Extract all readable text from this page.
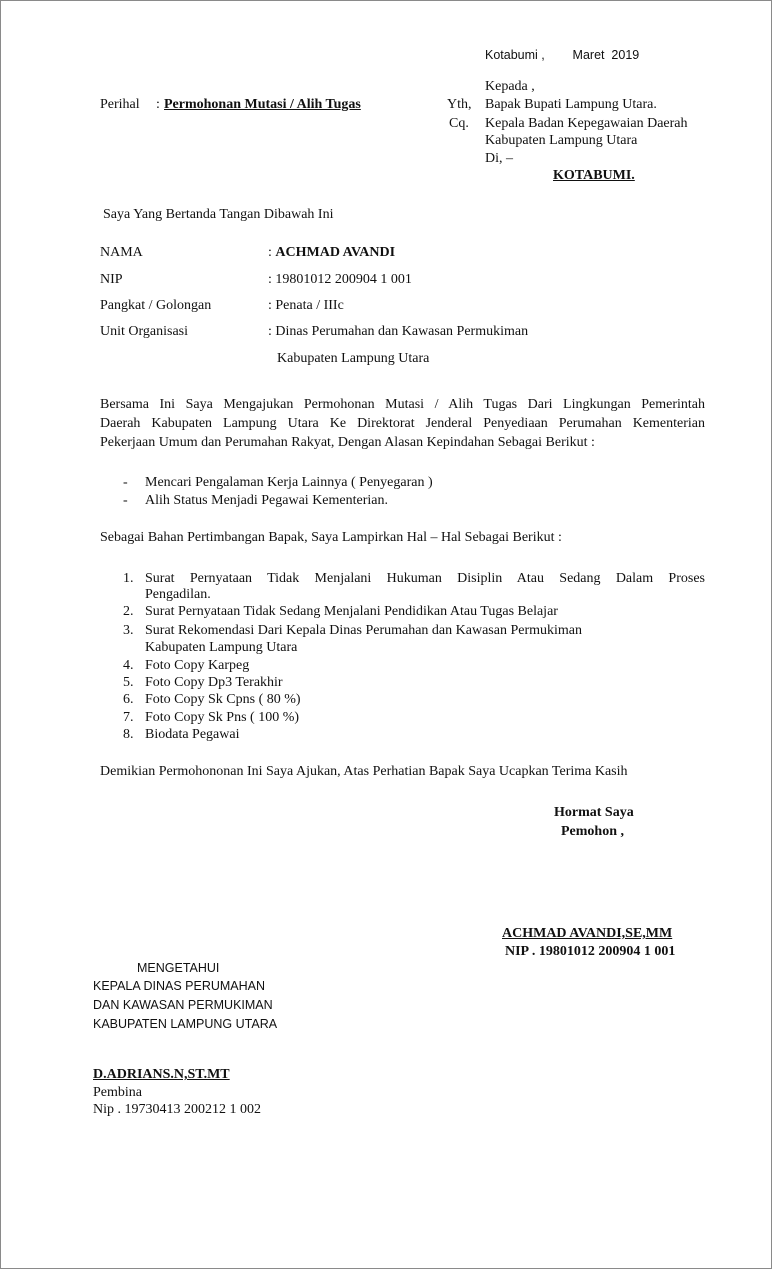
Kotabumi ,        Maret  2019
Perihal : Permohonan Mutasi / Alih Tugas
Kepada ,
Yth, Bapak Bupati Lampung Utara.
Cq. Kepala Badan Kepegawaian Daerah
Kabupaten Lampung Utara
Di, –
KOTABUMI.
Saya Yang Bertanda Tangan Dibawah Ini
NAMA	: ACHMAD AVANDI
NIP	: 19801012 200904 1 001
Pangkat / Golongan	: Penata / IIIc
Unit Organisasi	: Dinas Perumahan dan Kawasan Permukiman
Kabupaten Lampung Utara
Bersama Ini Saya Mengajukan Permohonan Mutasi / Alih Tugas Dari Lingkungan Pemerintah
Daerah Kabupaten Lampung Utara Ke Direktorat Jenderal Penyediaan Perumahan Kementerian
Pekerjaan Umum dan Perumahan Rakyat, Dengan Alasan Kepindahan Sebagai Berikut :
- Mencari Pengalaman Kerja Lainnya ( Penyegaran )
- Alih Status Menjadi Pegawai Kementerian.
Sebagai Bahan Pertimbangan Bapak, Saya Lampirkan Hal – Hal Sebagai Berikut :
1. Surat Pernyataan Tidak Menjalani Hukuman Disiplin Atau Sedang Dalam Proses
Pengadilan.
2. Surat Pernyataan Tidak Sedang Menjalani Pendidikan Atau Tugas Belajar
3. Surat Rekomendasi Dari Kepala Dinas Perumahan dan Kawasan Permukiman
Kabupaten Lampung Utara
4. Foto Copy Karpeg
5. Foto Copy Dp3 Terakhir
6. Foto Copy Sk Cpns ( 80 %)
7. Foto Copy Sk Pns ( 100 %)
8. Biodata Pegawai
Demikian Permohononan Ini Saya Ajukan, Atas Perhatian Bapak Saya Ucapkan Terima Kasih
Hormat Saya
Pemohon ,
ACHMAD AVANDI,SE,MM
NIP . 19801012 200904 1 001
MENGETAHUI
KEPALA DINAS PERUMAHAN
DAN KAWASAN PERMUKIMAN
KABUPATEN LAMPUNG UTARA
D.ADRIANS.N,ST.MT
Pembina
Nip . 19730413 200212 1 002
